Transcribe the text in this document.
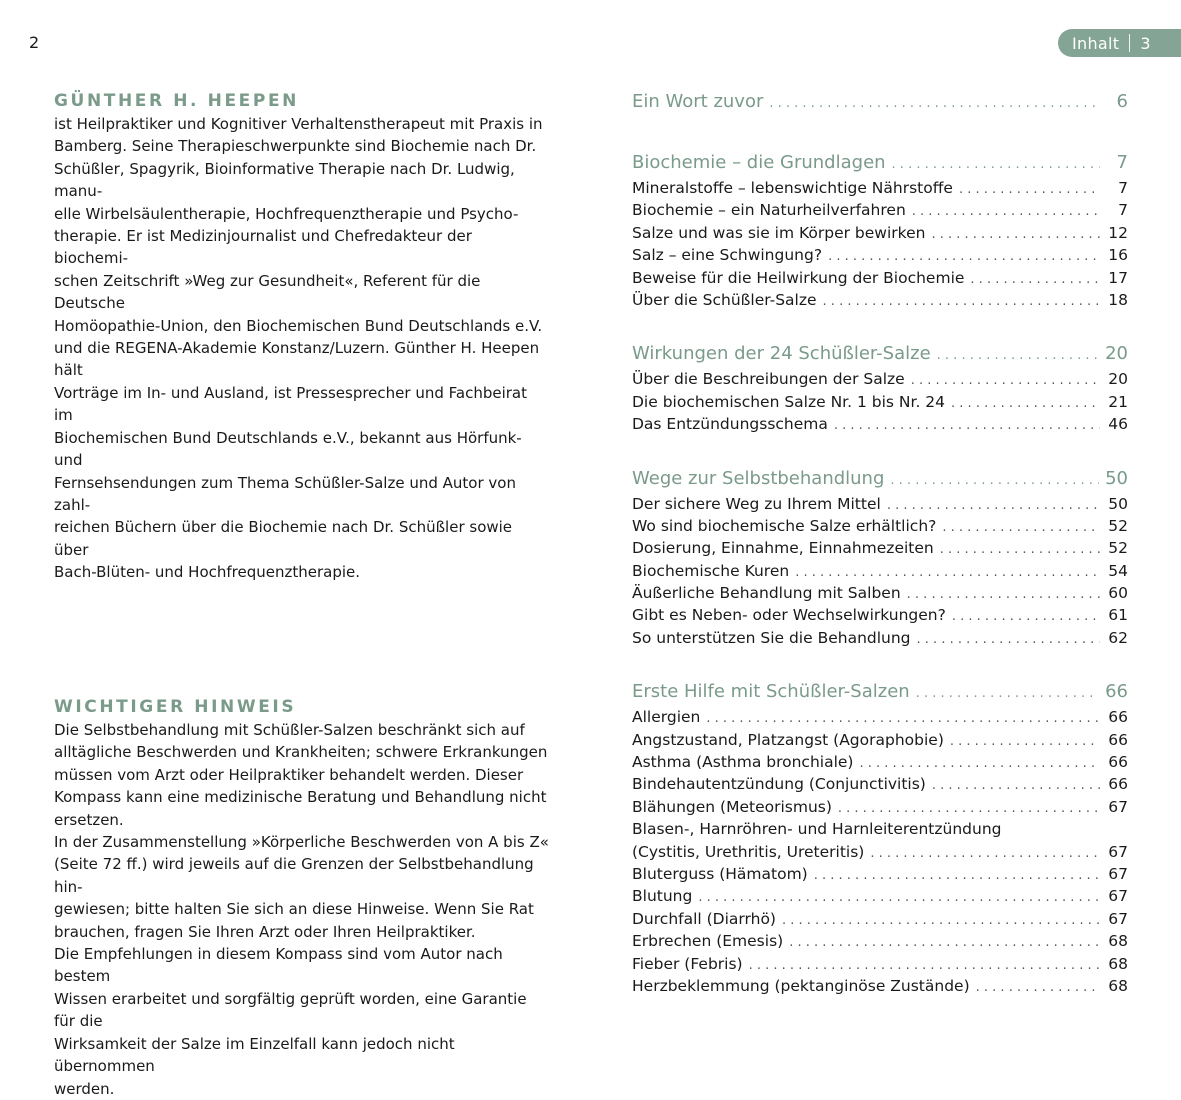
2	Inhalt 3
GÜNTHER H. HEEPEN
ist Heilpraktiker und Kognitiver Verhaltenstherapeut mit Praxis in
Bamberg. Seine Therapieschwerpunkte sind Biochemie nach Dr.
Schüßler, Spagyrik, Bioinformative Therapie nach Dr. Ludwig, manu-
elle Wirbelsäulentherapie, Hochfrequenztherapie und Psycho-
therapie. Er ist Medizinjournalist und Chefredakteur der biochemi-
schen Zeitschrift »Weg zur Gesundheit«, Referent für die Deutsche
Homöopathie-Union, den Biochemischen Bund Deutschlands e.V.
und die REGENA-Akademie Konstanz/Luzern. Günther H. Heepen hält
Vorträge im In- und Ausland, ist Pressesprecher und Fachbeirat im
Biochemischen Bund Deutschlands e.V., bekannt aus Hörfunk- und
Fernsehsendungen zum Thema Schüßler-Salze und Autor von zahl-
reichen Büchern über die Biochemie nach Dr. Schüßler sowie über
Bach-Blüten- und Hochfrequenztherapie.
WICHTIGER HINWEIS
Die Selbstbehandlung mit Schüßler-Salzen beschränkt sich auf
alltägliche Beschwerden und Krankheiten; schwere Erkrankungen
müssen vom Arzt oder Heilpraktiker behandelt werden. Dieser
Kompass kann eine medizinische Beratung und Behandlung nicht
ersetzen.
In der Zusammenstellung »Körperliche Beschwerden von A bis Z«
(Seite 72 ff.) wird jeweils auf die Grenzen der Selbstbehandlung hin-
gewiesen; bitte halten Sie sich an diese Hinweise. Wenn Sie Rat
brauchen, fragen Sie Ihren Arzt oder Ihren Heilpraktiker.
Die Empfehlungen in diesem Kompass sind vom Autor nach bestem
Wissen erarbeitet und sorgfältig geprüft worden, eine Garantie für die
Wirksamkeit der Salze im Einzelfall kann jedoch nicht übernommen
werden.
Ein Wort zuvor . . .	6
Biochemie – die Grundlagen . . .	7
Mineralstoffe – lebenswichtige Nährstoffe . . .	7
Biochemie – ein Naturheilverfahren . . .	7
Salze und was sie im Körper bewirken . . .	12
Salz – eine Schwingung? . . .	16
Beweise für die Heilwirkung der Biochemie . . .	17
Über die Schüßler-Salze . . .	18
Wirkungen der 24 Schüßler-Salze . . .	20
Über die Beschreibungen der Salze . . .	20
Die biochemischen Salze Nr. 1 bis Nr. 24 . . .	21
Das Entzündungsschema . . .	46
Wege zur Selbstbehandlung . . .	50
Der sichere Weg zu Ihrem Mittel . . .	50
Wo sind biochemische Salze erhältlich? . . .	52
Dosierung, Einnahme, Einnahmezeiten . . .	52
Biochemische Kuren . . .	54
Äußerliche Behandlung mit Salben . . .	60
Gibt es Neben- oder Wechselwirkungen? . . .	61
So unterstützen Sie die Behandlung . . .	62
Erste Hilfe mit Schüßler-Salzen . . .	66
Allergien . . .	66
Angstzustand, Platzangst (Agoraphobie) . . .	66
Asthma (Asthma bronchiale) . . .	66
Bindehautentzündung (Conjunctivitis) . . .	66
Blähungen (Meteorismus) . . .	67
Blasen-, Harnröhren- und Harnleiterentzündung
(Cystitis, Urethritis, Ureteritis) . . .	67
Bluterguss (Hämatom) . . .	67
Blutung . . .	67
Durchfall (Diarrhö) . . .	67
Erbrechen (Emesis) . . .	68
Fieber (Febris) . . .	68
Herzbeklemmung (pektanginöse Zustände) . . .	68
